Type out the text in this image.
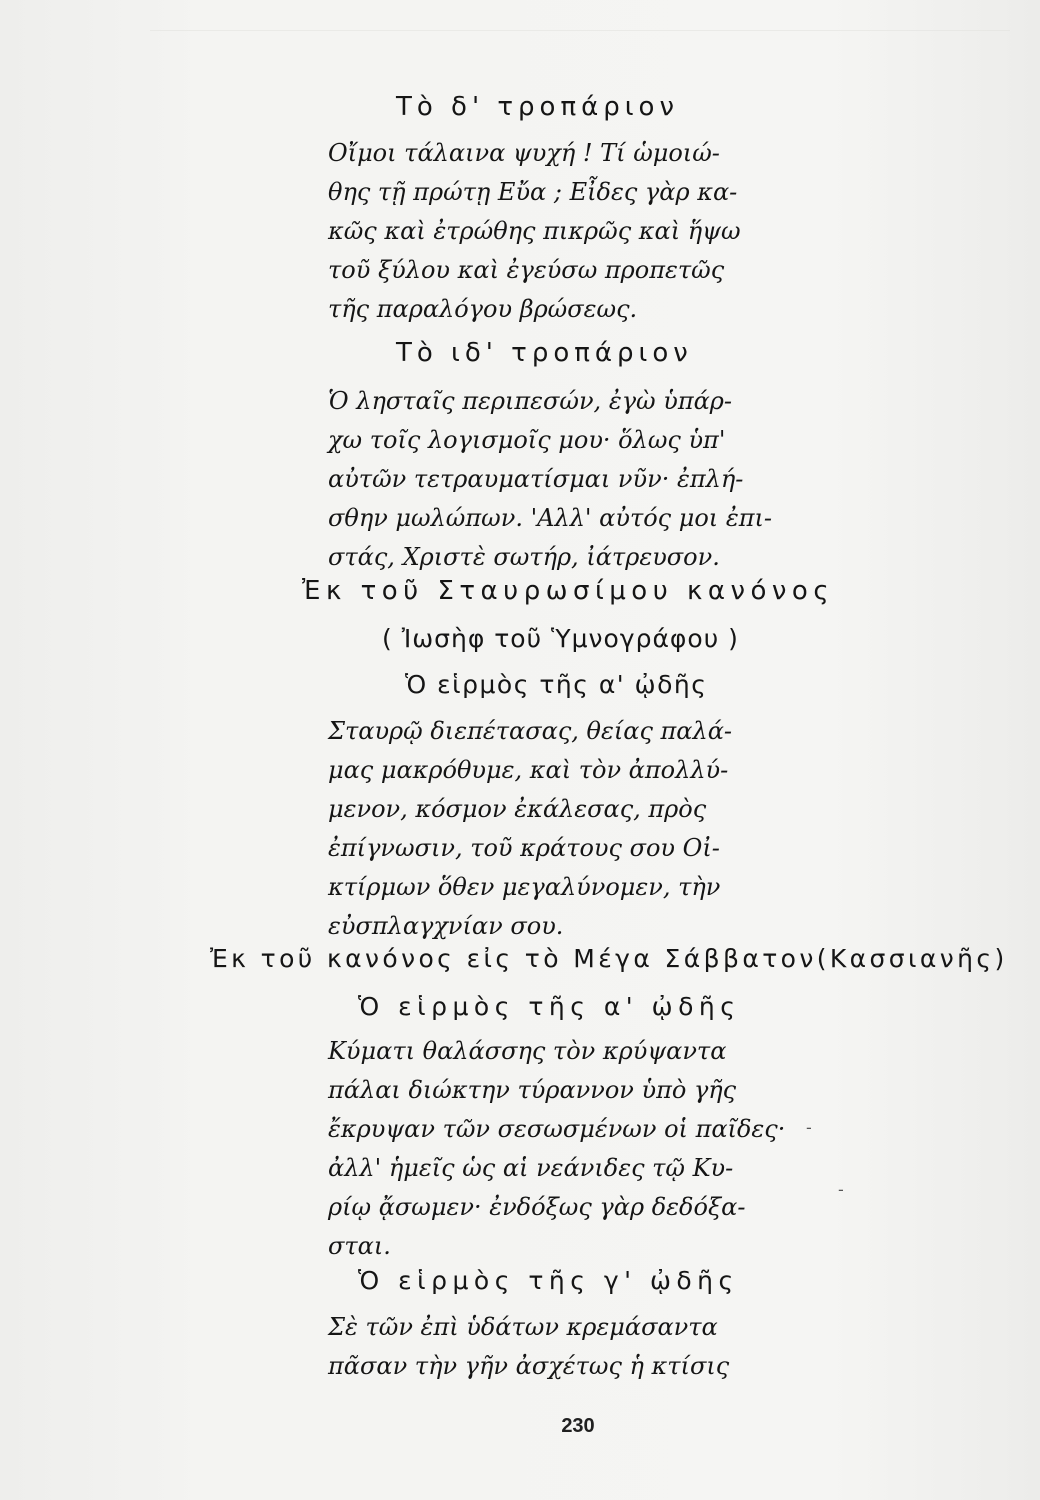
Τὸ δ' τροπάριον
Οἴμοι τάλαινα ψυχή ! Τί ὡμοιώ-
θης τῇ πρώτῃ Εὔα ; Εἶδες γὰρ κα-
κῶς καὶ ἐτρώθης πικρῶς καὶ ἥψω
τοῦ ξύλου καὶ ἐγεύσω προπετῶς
τῆς παραλόγου βρώσεως.
Τὸ ιδ' τροπάριον
Ὁ λησταῖς περιπεσών, ἐγὼ ὑπάρ-
χω τοῖς λογισμοῖς μου· ὅλως ὑπ'
αὐτῶν τετραυματίσμαι νῦν· ἐπλή-
σθην μωλώπων. 'Αλλ' αὐτός μοι ἐπι-
στάς, Χριστὲ σωτήρ, ἰάτρευσον.
Ἐκ τοῦ Σταυρωσίμου κανόνος
( Ἰωσὴφ τοῦ Ὑμνογράφου )
Ὁ εἱρμὸς τῆς α' ᾠδῆς
Σταυρῷ διεπέτασας, θείας παλά-
μας μακρόθυμε, καὶ τὸν ἀπολλύ-
μενον, κόσμον ἐκάλεσας, πρὸς
ἐπίγνωσιν, τοῦ κράτους σου Οἰ-
κτίρμων ὅθεν μεγαλύνομεν, τὴν
εὐσπλαγχνίαν σου.
Ἐκ τοῦ κανόνος εἰς τὸ Μέγα Σάββατον(Κασσιανῆς)
Ὁ εἱρμὸς τῆς α' ᾠδῆς
Κύματι θαλάσσης τὸν κρύψαντα
πάλαι διώκτην τύραννον ὑπὸ γῆς
ἔκρυψαν τῶν σεσωσμένων οἱ παῖδες·
ἀλλ' ἡμεῖς ὡς αἱ νεάνιδες τῷ Κυ-
ρίῳ ᾄσωμεν· ἐνδόξως γὰρ δεδόξα-
σται.
Ὁ εἱρμὸς τῆς γ' ᾠδῆς
Σὲ τῶν ἐπὶ ὑδάτων κρεμάσαντα
πᾶσαν τὴν γῆν ἀσχέτως ἡ κτίσις
-
-
230
